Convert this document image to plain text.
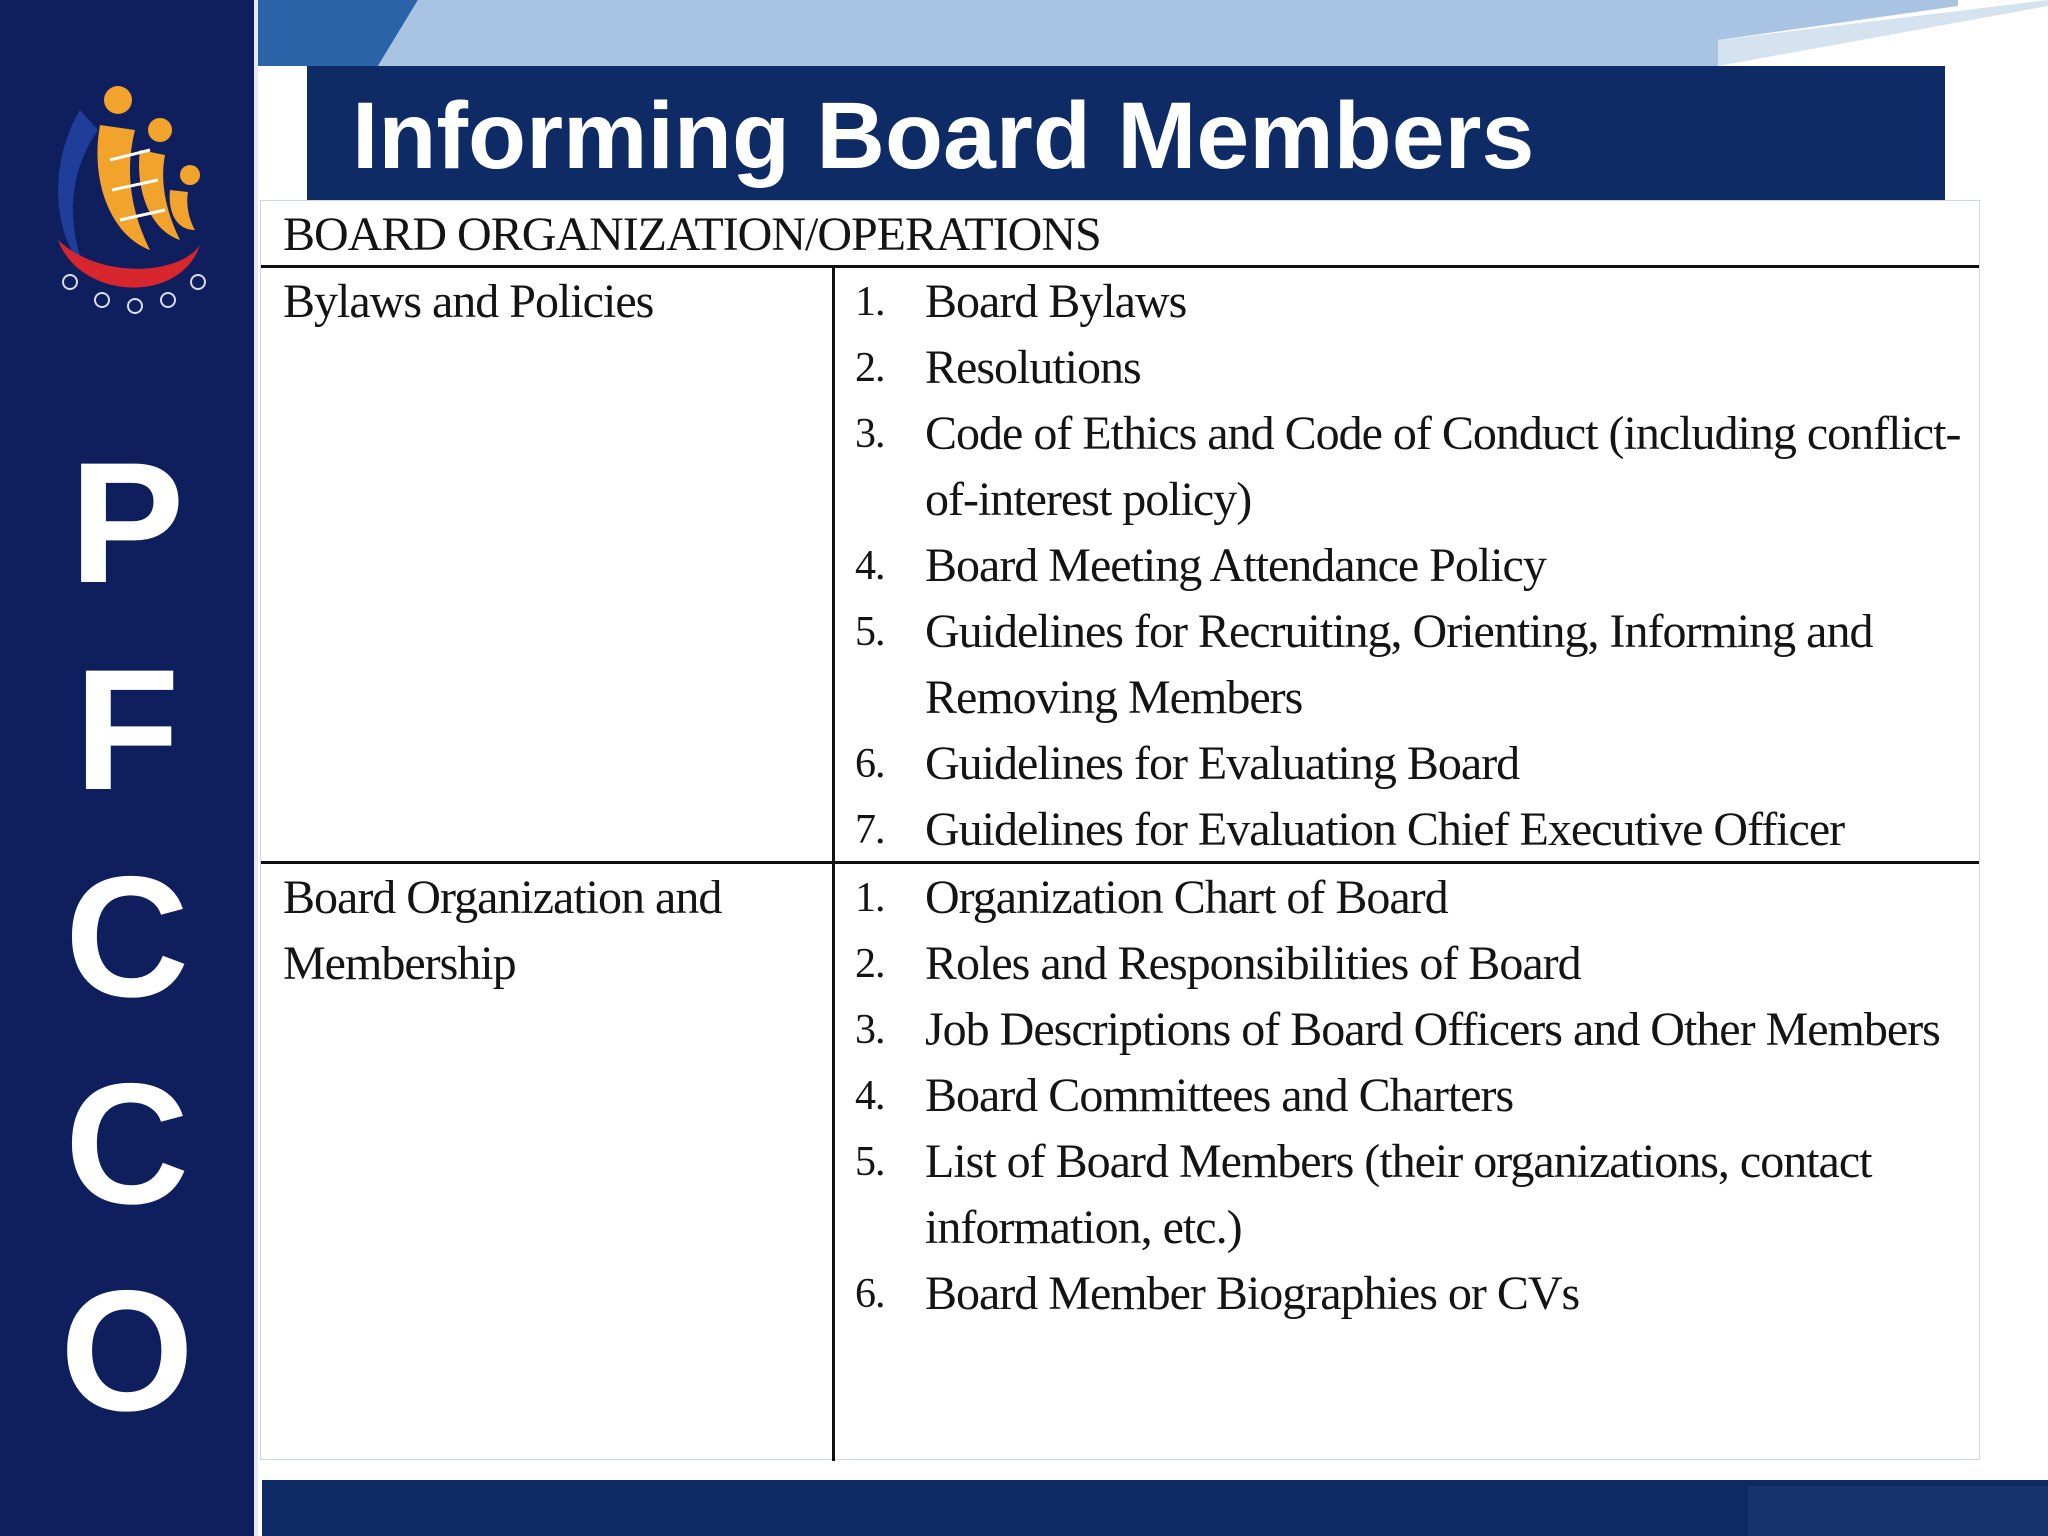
P
F
C
C
O
Informing Board Members
BOARD ORGANIZATION/OPERATIONS
Bylaws and Policies	1. Board Bylaws
2. Resolutions
3. Code of Ethics and Code of Conduct (including conflict-of-interest policy)
4. Board Meeting Attendance Policy
5. Guidelines for Recruiting, Orienting, Informing and Removing Members
6. Guidelines for Evaluating Board
7. Guidelines for Evaluation Chief Executive Officer
Board Organization and Membership
1. Organization Chart of Board
2. Roles and Responsibilities of Board
3. Job Descriptions of Board Officers and Other Members
4. Board Committees and Charters
5. List of Board Members (their organizations, contact information, etc.)
6. Board Member Biographies or CVs
